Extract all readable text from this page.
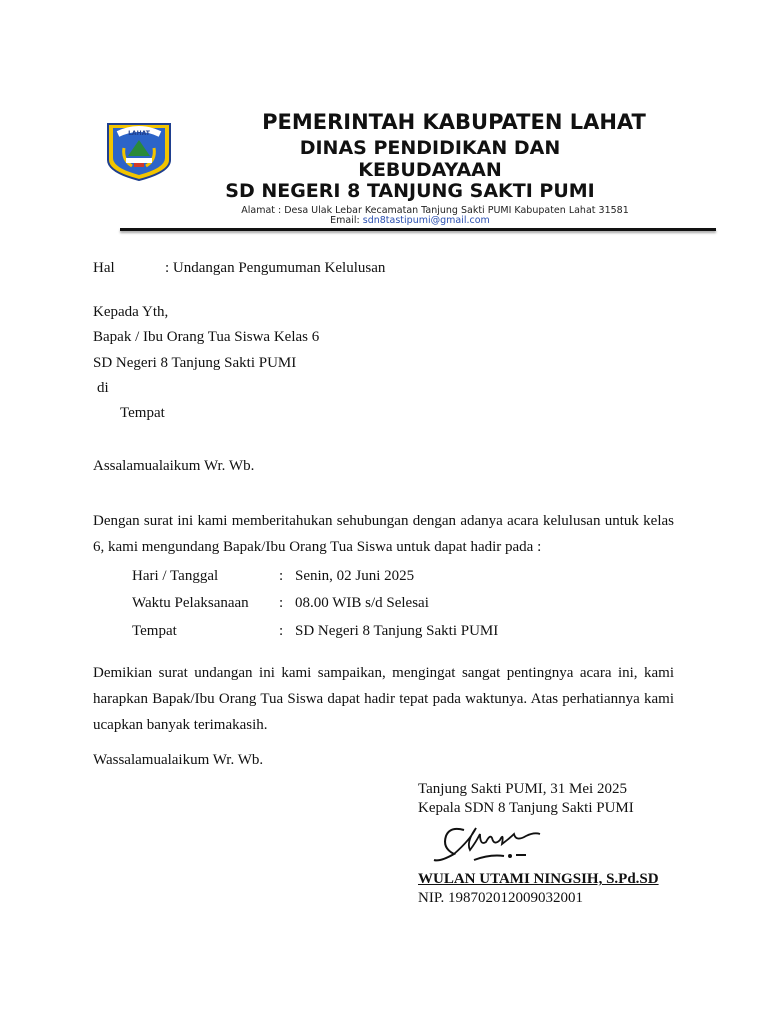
LAHAT	PEMERINTAH KABUPATEN LAHAT
DINAS PENDIDIKAN DAN KEBUDAYAAN
SD NEGERI 8 TANJUNG SAKTI PUMI
Alamat : Desa Ulak Lebar Kecamatan Tanjung Sakti PUMI Kabupaten Lahat 31581
Email: sdn8tastipumi@gmail.com
Hal	: Undangan Pengumuman Kelulusan
Kepada Yth,
Bapak / Ibu Orang Tua Siswa Kelas 6
SD Negeri 8 Tanjung Sakti PUMI
di
Tempat
Assalamualaikum Wr. Wb.
Dengan surat ini kami memberitahukan sehubungan dengan adanya acara kelulusan untuk kelas 6, kami mengundang Bapak/Ibu Orang Tua Siswa untuk dapat hadir pada :
Hari / Tanggal	: Senin, 02 Juni 2025
Waktu Pelaksanaan : 08.00 WIB s/d Selesai
Tempat	: SD Negeri 8 Tanjung Sakti PUMI
Demikian surat undangan ini kami sampaikan, mengingat sangat pentingnya acara ini, kami harapkan Bapak/Ibu Orang Tua Siswa dapat hadir tepat pada waktunya. Atas perhatiannya kami ucapkan banyak terimakasih.
Wassalamualaikum Wr. Wb.
Tanjung Sakti PUMI, 31 Mei 2025
Kepala SDN 8 Tanjung Sakti PUMI
WULAN UTAMI NINGSIH, S.Pd.SD
NIP. 198702012009032001
